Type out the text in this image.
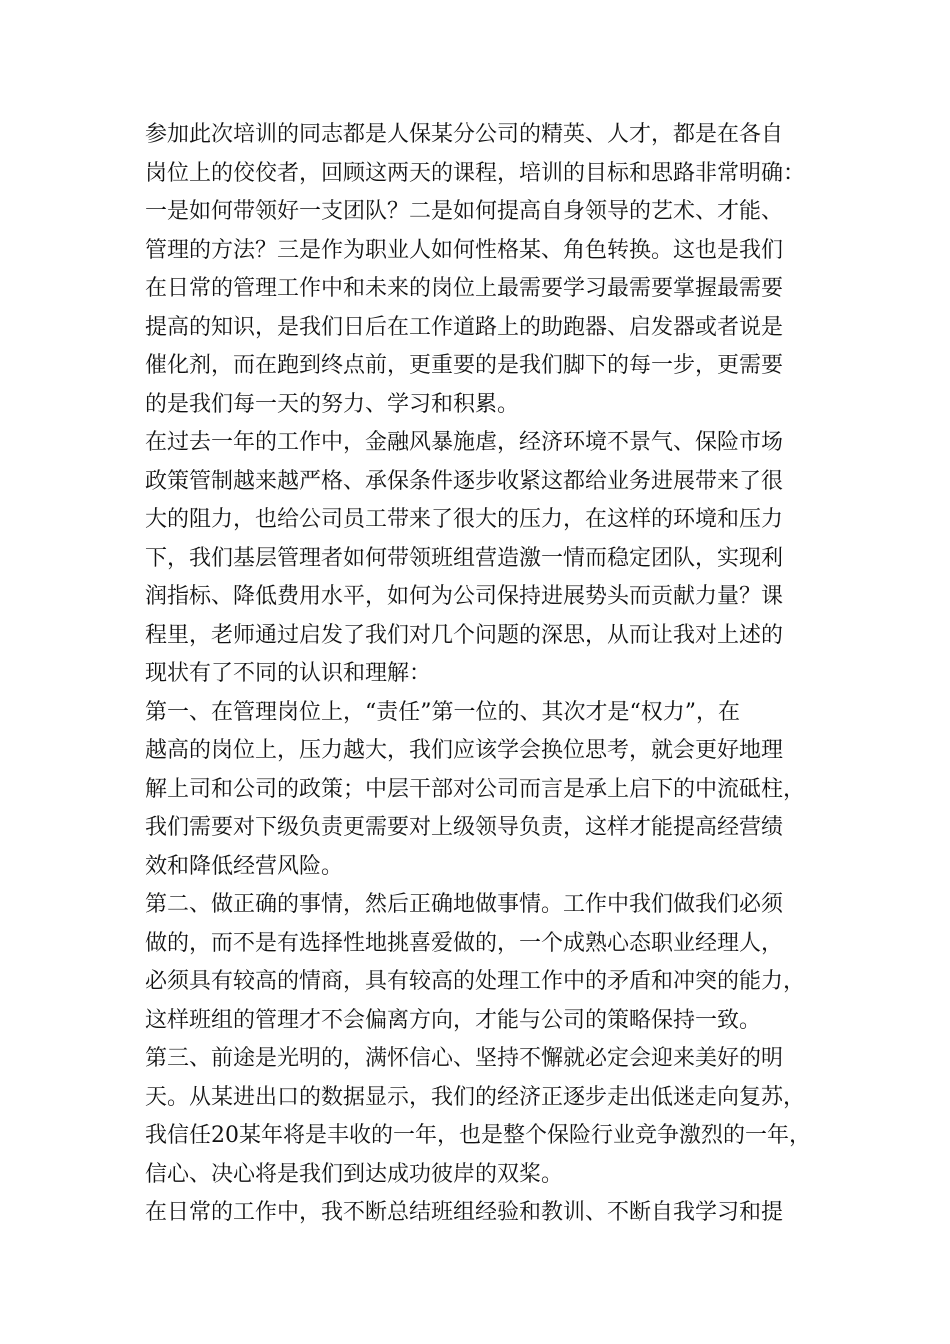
参加此次培训的同志都是人保某分公司的精英、人才，都是在各自
岗位上的佼佼者，回顾这两天的课程，培训的目标和思路非常明确：
一是如何带领好一支团队？二是如何提高自身领导的艺术、才能、
管理的方法？三是作为职业人如何性格某、角色转换。这也是我们
在日常的管理工作中和未来的岗位上最需要学习最需要掌握最需要
提高的知识，是我们日后在工作道路上的助跑器、启发器或者说是
催化剂，而在跑到终点前，更重要的是我们脚下的每一步，更需要
的是我们每一天的努力、学习和积累。
在过去一年的工作中，金融风暴施虐，经济环境不景气、保险市场
政策管制越来越严格、承保条件逐步收紧这都给业务进展带来了很
大的阻力，也给公司员工带来了很大的压力，在这样的环境和压力
下，我们基层管理者如何带领班组营造激一情而稳定团队，实现利
润指标、降低费用水平，如何为公司保持进展势头而贡献力量？课
程里，老师通过启发了我们对几个问题的深思，从而让我对上述的
现状有了不同的认识和理解：
第一、在管理岗位上，“责任”第一位的、其次才是“权力”，在
越高的岗位上，压力越大，我们应该学会换位思考，就会更好地理
解上司和公司的政策；中层干部对公司而言是承上启下的中流砥柱，
我们需要对下级负责更需要对上级领导负责，这样才能提高经营绩
效和降低经营风险。
第二、做正确的事情，然后正确地做事情。工作中我们做我们必须
做的，而不是有选择性地挑喜爱做的，一个成熟心态职业经理人，
必须具有较高的情商，具有较高的处理工作中的矛盾和冲突的能力，
这样班组的管理才不会偏离方向，才能与公司的策略保持一致。
第三、前途是光明的，满怀信心、坚持不懈就必定会迎来美好的明
天。从某进出口的数据显示，我们的经济正逐步走出低迷走向复苏，
我信任20某年将是丰收的一年，也是整个保险行业竞争激烈的一年，
信心、决心将是我们到达成功彼岸的双桨。
在日常的工作中，我不断总结班组经验和教训、不断自我学习和提
